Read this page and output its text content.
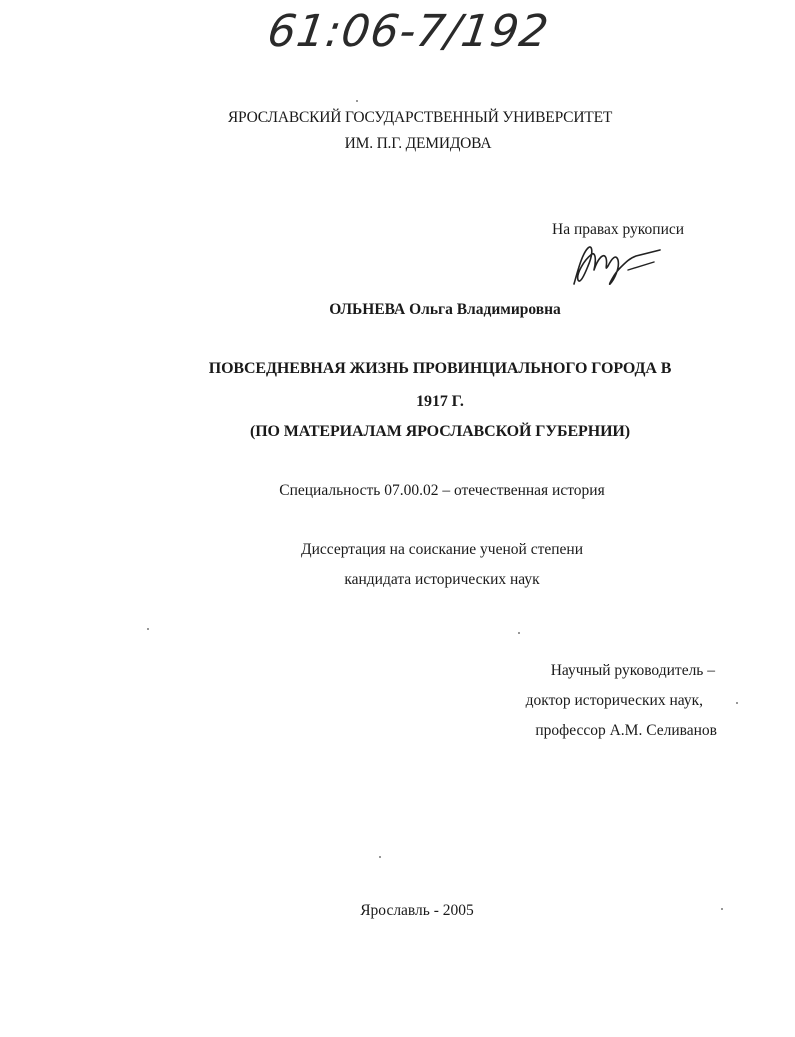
61:06-7/192
ЯРОСЛАВСКИЙ ГОСУДАРСТВЕННЫЙ УНИВЕРСИТЕТ
ИМ. П.Г. ДЕМИДОВА
На правах рукописи
ОЛЬНЕВА Ольга Владимировна
ПОВСЕДНЕВНАЯ ЖИЗНЬ ПРОВИНЦИАЛЬНОГО ГОРОДА В
1917 Г.
(ПО МАТЕРИАЛАМ ЯРОСЛАВСКОЙ ГУБЕРНИИ)
Специальность 07.00.02 – отечественная история
Диссертация на соискание ученой степени
кандидата исторических наук
Научный руководитель –
доктор исторических наук,
профессор А.М. Селиванов
Ярославль - 2005
